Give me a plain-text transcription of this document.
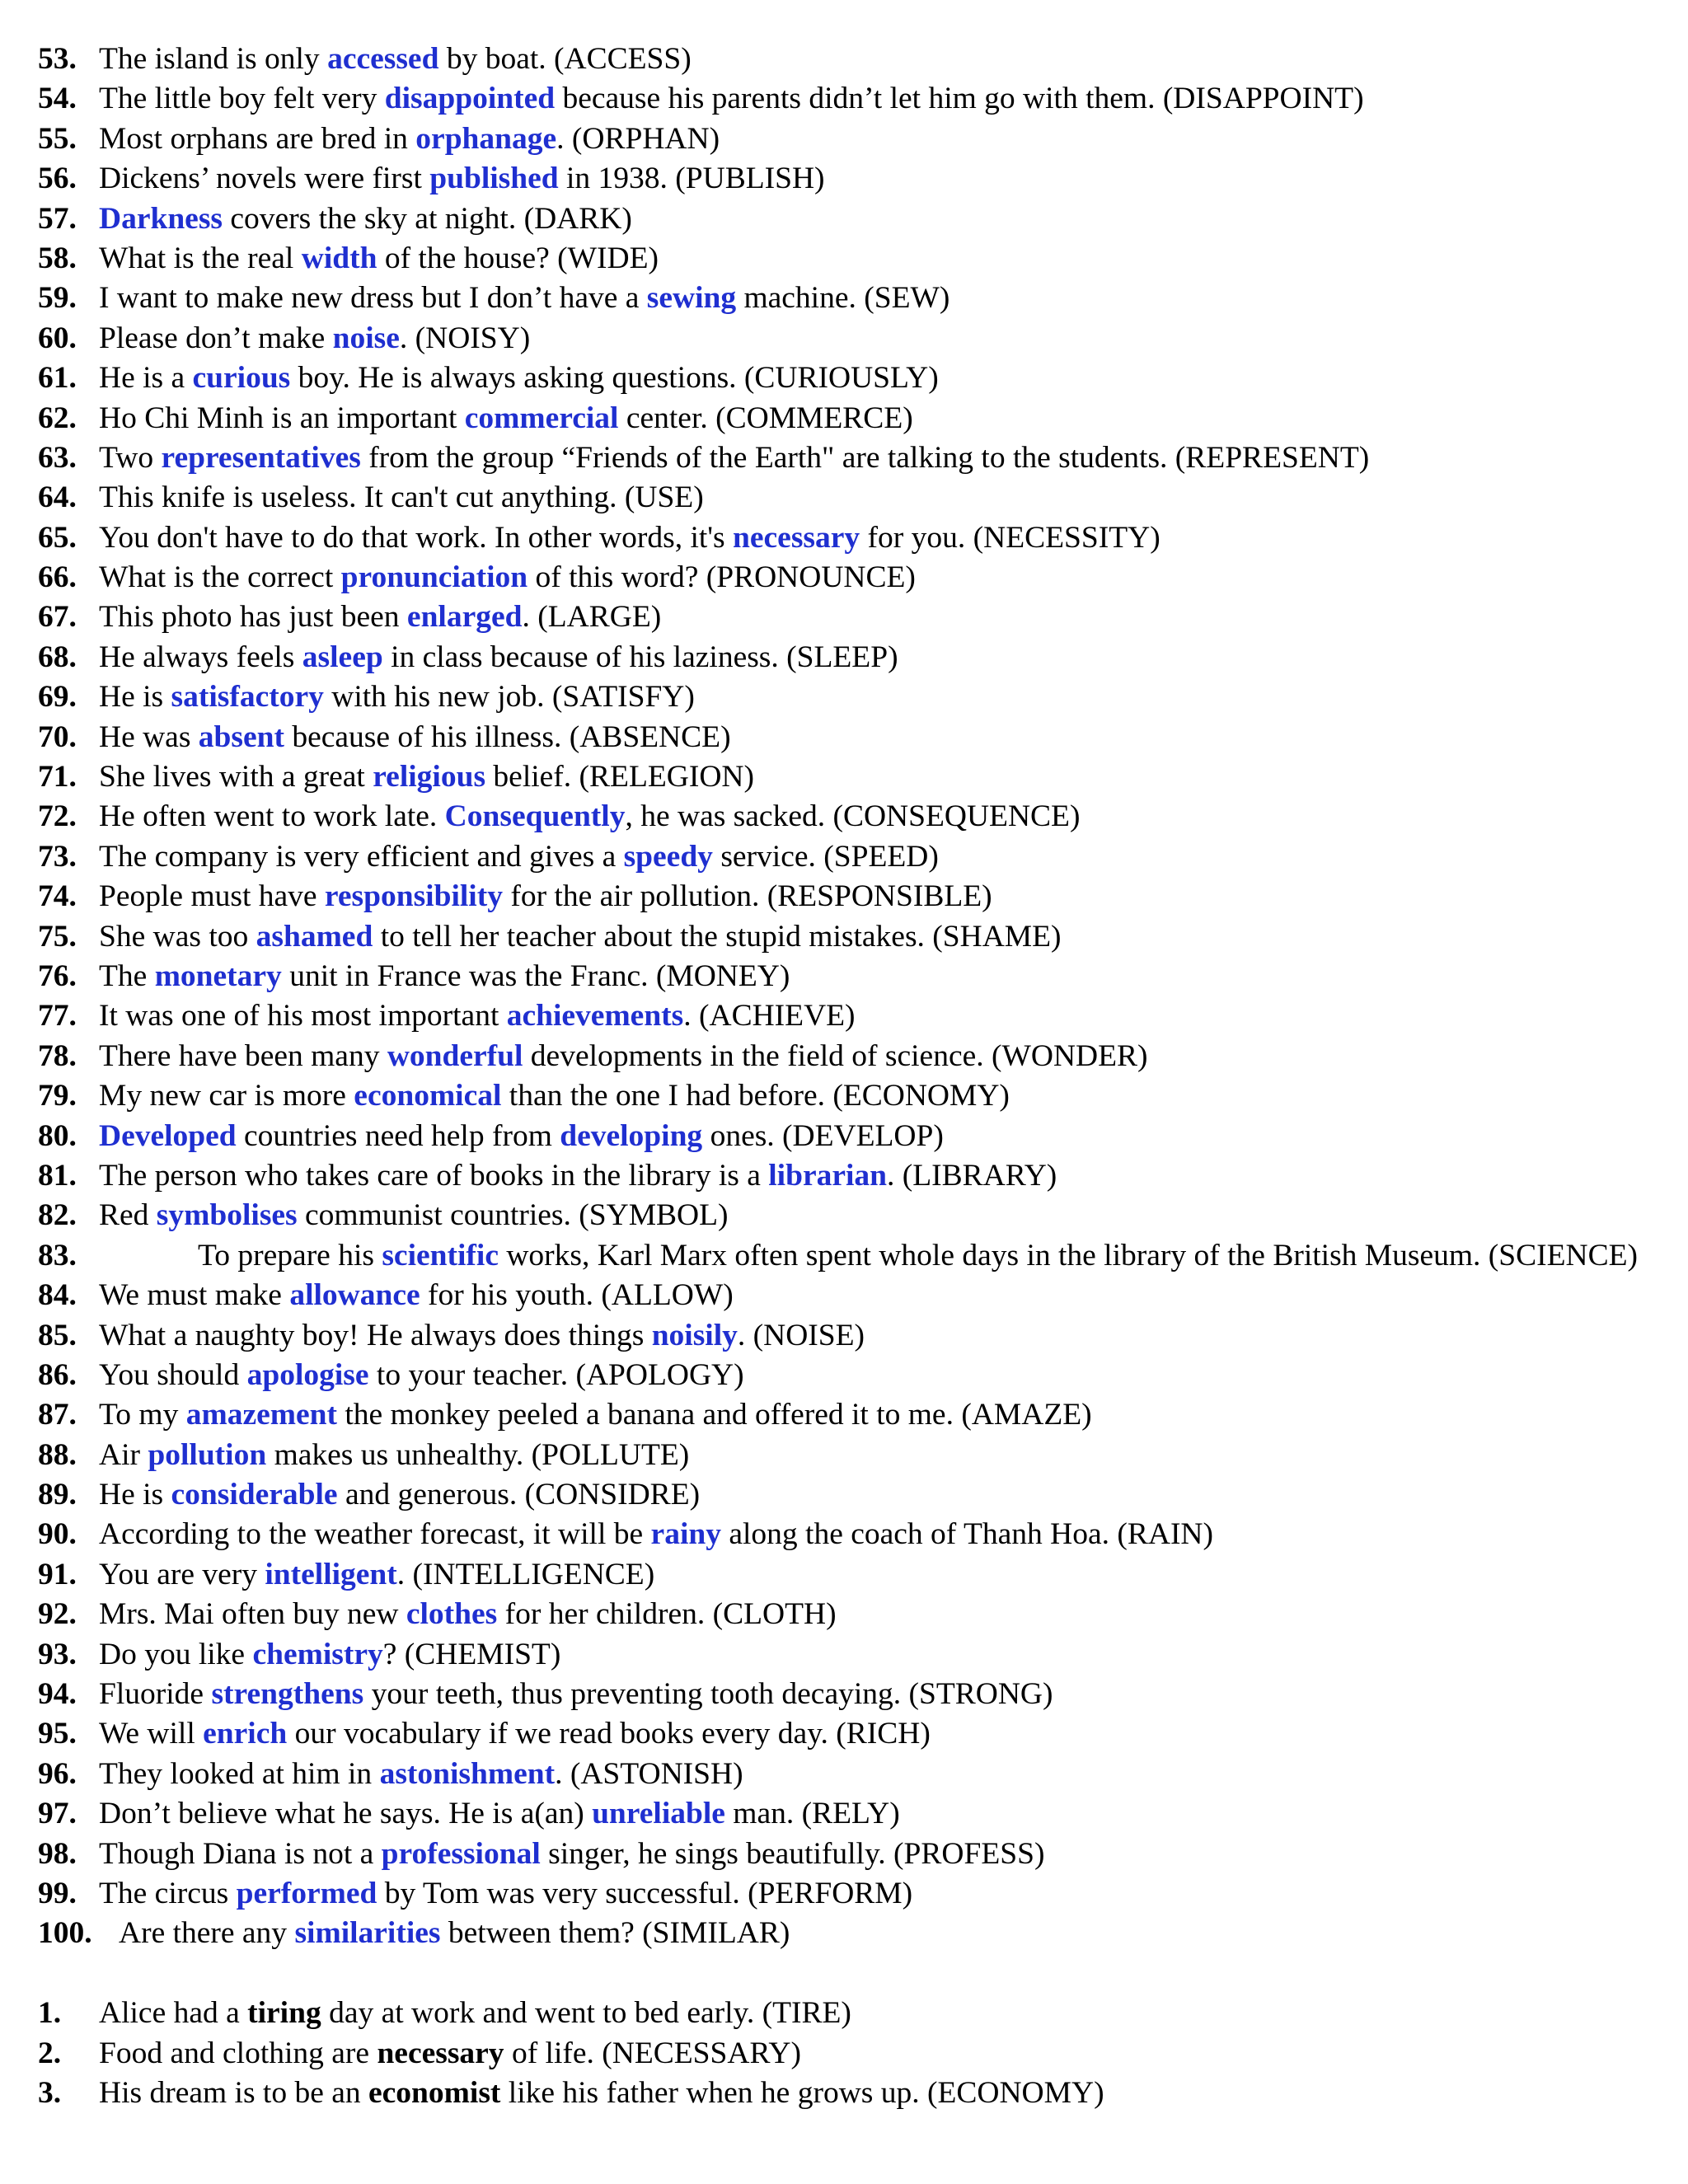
53. The island is only accessed by boat. (ACCESS)
54. The little boy felt very disappointed because his parents didn’t let him go with them. (DISAPPOINT)
55. Most orphans are bred in orphanage. (ORPHAN)
56. Dickens’ novels were first published in 1938. (PUBLISH)
57. Darkness covers the sky at night. (DARK)
58. What is the real width of the house? (WIDE)
59. I want to make new dress but I don’t have a sewing machine. (SEW)
60. Please don’t make noise. (NOISY)
61. He is a curious boy. He is always asking questions. (CURIOUSLY)
62. Ho Chi Minh is an important commercial center. (COMMERCE)
63. Two representatives from the group “Friends of the Earth" are talking to the students. (REPRESENT)
64. This knife is useless. It can't cut anything. (USE)
65. You don't have to do that work. In other words, it's necessary for you. (NECESSITY)
66. What is the correct pronunciation of this word? (PRONOUNCE)
67. This photo has just been enlarged. (LARGE)
68. He always feels asleep in class because of his laziness. (SLEEP)
69. He is satisfactory with his new job. (SATISFY)
70. He was absent because of his illness. (ABSENCE)
71. She lives with a great religious belief. (RELEGION)
72. He often went to work late. Consequently, he was sacked. (CONSEQUENCE)
73. The company is very efficient and gives a speedy service. (SPEED)
74. People must have responsibility for the air pollution. (RESPONSIBLE)
75. She was too ashamed to tell her teacher about the stupid mistakes. (SHAME)
76. The monetary unit in France was the Franc. (MONEY)
77. It was one of his most important achievements. (ACHIEVE)
78. There have been many wonderful developments in the field of science. (WONDER)
79. My new car is more economical than the one I had before. (ECONOMY)
80. Developed countries need help from developing ones. (DEVELOP)
81. The person who takes care of books in the library is a librarian. (LIBRARY)
82. Red symbolises communist countries. (SYMBOL)
83.	To prepare his scientific works, Karl Marx often spent whole days in the library of the British Museum. (SCIENCE)
84. We must make allowance for his youth. (ALLOW)
85. What a naughty boy! He always does things noisily. (NOISE)
86. You should apologise to your teacher. (APOLOGY)
87. To my amazement the monkey peeled a banana and offered it to me. (AMAZE)
88. Air pollution makes us unhealthy. (POLLUTE)
89. He is considerable and generous. (CONSIDRE)
90. According to the weather forecast, it will be rainy along the coach of Thanh Hoa. (RAIN)
91. You are very intelligent. (INTELLIGENCE)
92. Mrs. Mai often buy new clothes for her children. (CLOTH)
93. Do you like chemistry? (CHEMIST)
94. Fluoride strengthens your teeth, thus preventing tooth decaying. (STRONG)
95. We will enrich our vocabulary if we read books every day. (RICH)
96. They looked at him in astonishment. (ASTONISH)
97. Don’t believe what he says. He is a(an) unreliable man. (RELY)
98. Though Diana is not a professional singer, he sings beautifully. (PROFESS)
99. The circus performed by Tom was very successful. (PERFORM)
100. Are there any similarities between them? (SIMILAR)
1. Alice had a tiring day at work and went to bed early. (TIRE)
2. Food and clothing are necessary of life. (NECESSARY)
3. His dream is to be an economist like his father when he grows up. (ECONOMY)
